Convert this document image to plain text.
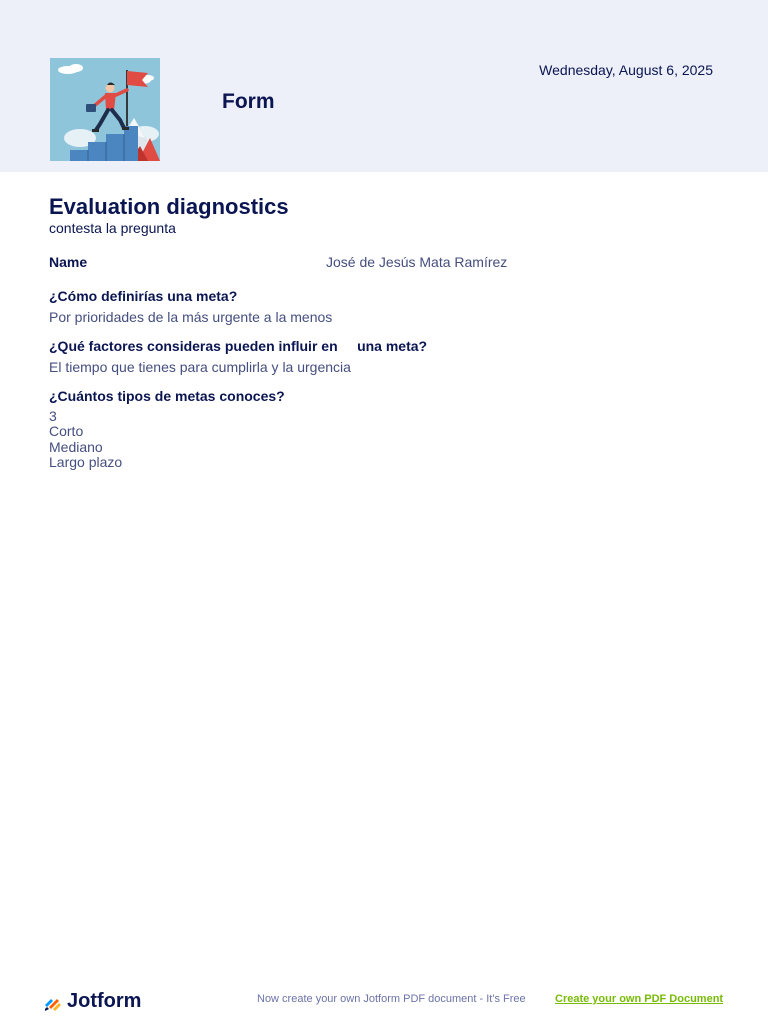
Form
Wednesday, August 6, 2025
Evaluation diagnostics
contesta la pregunta
Name	José de Jesús Mata Ramírez
¿Cómo definirías una meta?
Por prioridades de la más urgente a la menos
¿Qué factores consideras pueden influir en     una meta?
El tiempo que tienes para cumplirla y la urgencia
¿Cuántos tipos de metas conoces?
3
Corto
Mediano
Largo plazo
Jotform	Now create your own Jotform PDF document - It's Free	Create your own PDF Document
